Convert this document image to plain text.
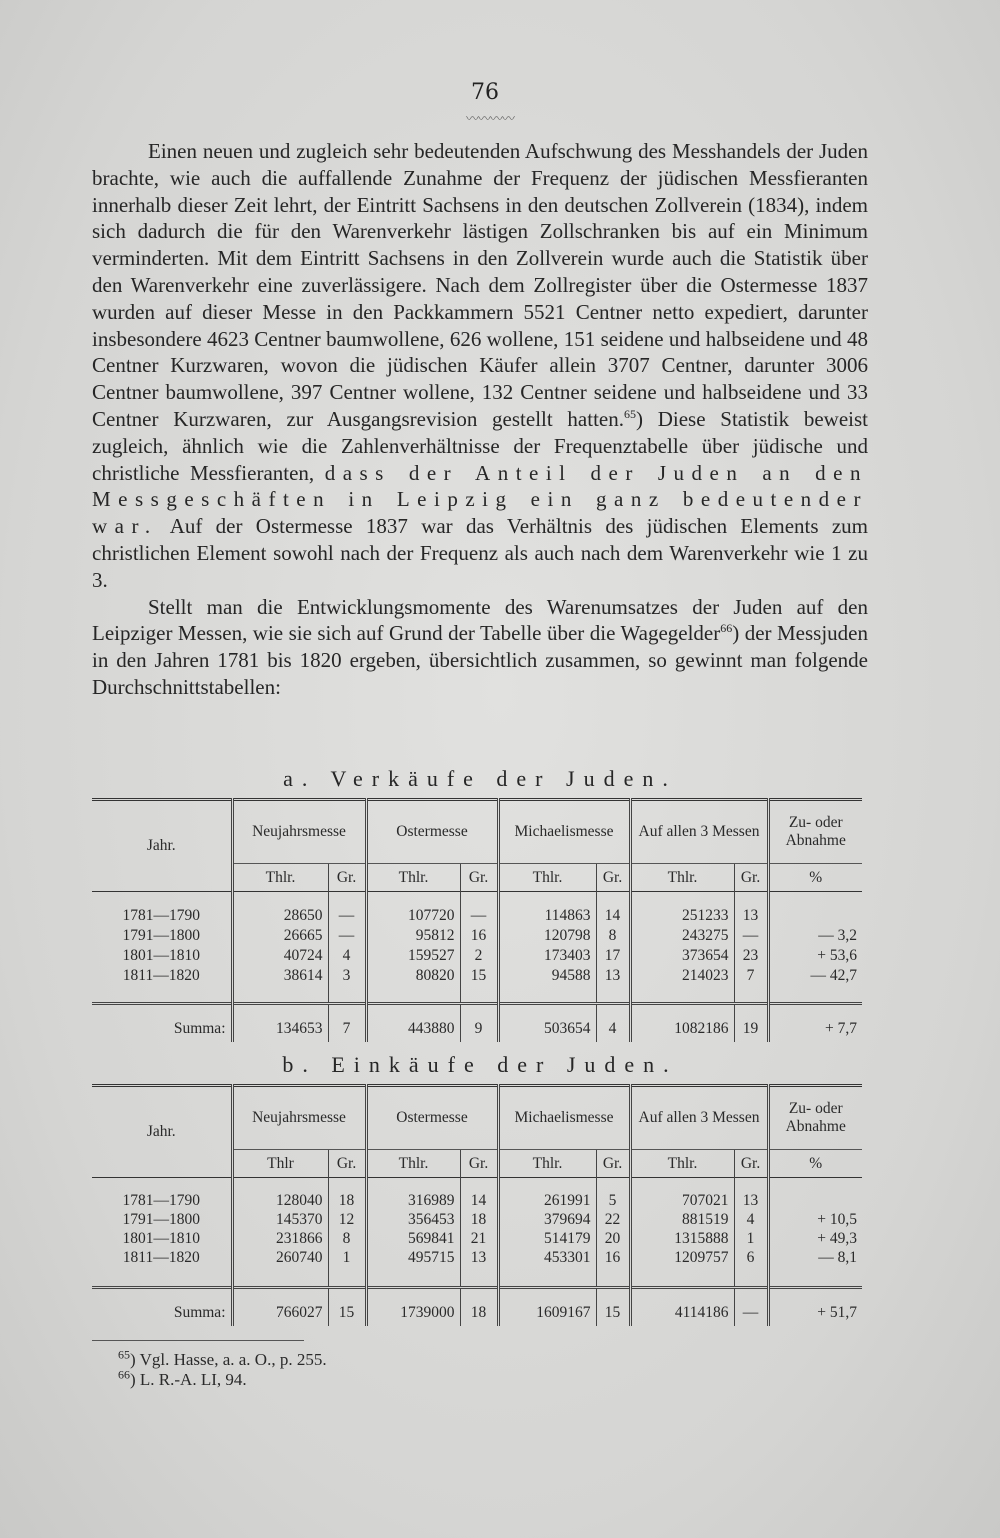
76
〰〰〰〰

Einen neuen und zugleich sehr bedeutenden Aufschwung des Messhandels der Juden brachte, wie auch die auffallende Zunahme der Frequenz der jüdischen Messfieranten innerhalb dieser Zeit lehrt, der Eintritt Sachsens in den deutschen Zollverein (1834), indem sich dadurch die für den Warenverkehr lästigen Zollschranken bis auf ein Minimum verminderten. Mit dem Eintritt Sachsens in den Zollverein wurde auch die Statistik über den Warenverkehr eine zuverlässigere. Nach dem Zollregister über die Ostermesse 1837 wurden auf dieser Messe in den Packkammern 5521 Centner netto expediert, darunter insbesondere 4623 Centner baumwollene, 626 wollene, 151 seidene und halbseidene und 48 Centner Kurzwaren, wovon die jüdischen Käufer allein 3707 Centner, darunter 3006 Centner baumwollene, 397 Centner wollene, 132 Centner seidene und halbseidene und 33 Centner Kurzwaren, zur Ausgangsrevision gestellt hatten.$^{65}$) Diese Statistik beweist zugleich, ähnlich wie die Zahlenverhältnisse der Frequenztabelle über jüdische und christliche Messfieranten, dass der Anteil der Juden an den Messgeschäften in Leipzig ein ganz bedeutender war. Auf der Ostermesse 1837 war das Verhältnis des jüdischen Elements zum christlichen Element sowohl nach der Frequenz als auch nach dem Warenverkehr wie 1 zu 3.

Stellt man die Entwicklungsmomente des Warenumsatzes der Juden auf den Leipziger Messen, wie sie sich auf Grund der Tabelle über die Wagegelder$^{66}$) der Messjuden in den Jahren 1781 bis 1820 ergeben, übersichtlich zusammen, so gewinnt man folgende Durchschnittstabellen:

a. Verkäufe der Juden.
Jahr.	Neujahrsmesse		Ostermesse		Michaelismesse		Auf allen 3 Messen		Zu- oder Abnahme
	Thlr.	Gr.	Thlr.	Gr.	Thlr.	Gr.	Thlr.	Gr.	%

1781—1790	28650	—	107720	—	114863	14	251233	13	
1791—1800	26665	—	95812	16	120798	8	243275	—	— 3,2
1801—1810	40724	4	159527	2	173403	17	373654	23	+ 53,6
1811—1820	38614	3	80820	15	94588	13	214023	7	— 42,7

Summa:	134653	7	443880	9	503654	4	1082186	19	+ 7,7
b. Einkäufe der Juden.
Jahr.	Neujahrsmesse		Ostermesse		Michaelismesse		Auf allen 3 Messen		Zu- oder Abnahme
	Thlr	Gr.	Thlr.	Gr.	Thlr.	Gr.	Thlr.	Gr.	%

1781—1790	128040	18	316989	14	261991	5	707021	13	
1791—1800	145370	12	356453	18	379694	22	881519	4	+ 10,5
1801—1810	231866	8	569841	21	514179	20	1315888	1	+ 49,3
1811—1820	260740	1	495715	13	453301	16	1209757	6	— 8,1

Summa:	766027	15	1739000	18	1609167	15	4114186	—	+ 51,7
$^{65}$) Vgl. Hasse, a. a. O., p. 255.
$^{66}$) L. R.-A. LI, 94.
